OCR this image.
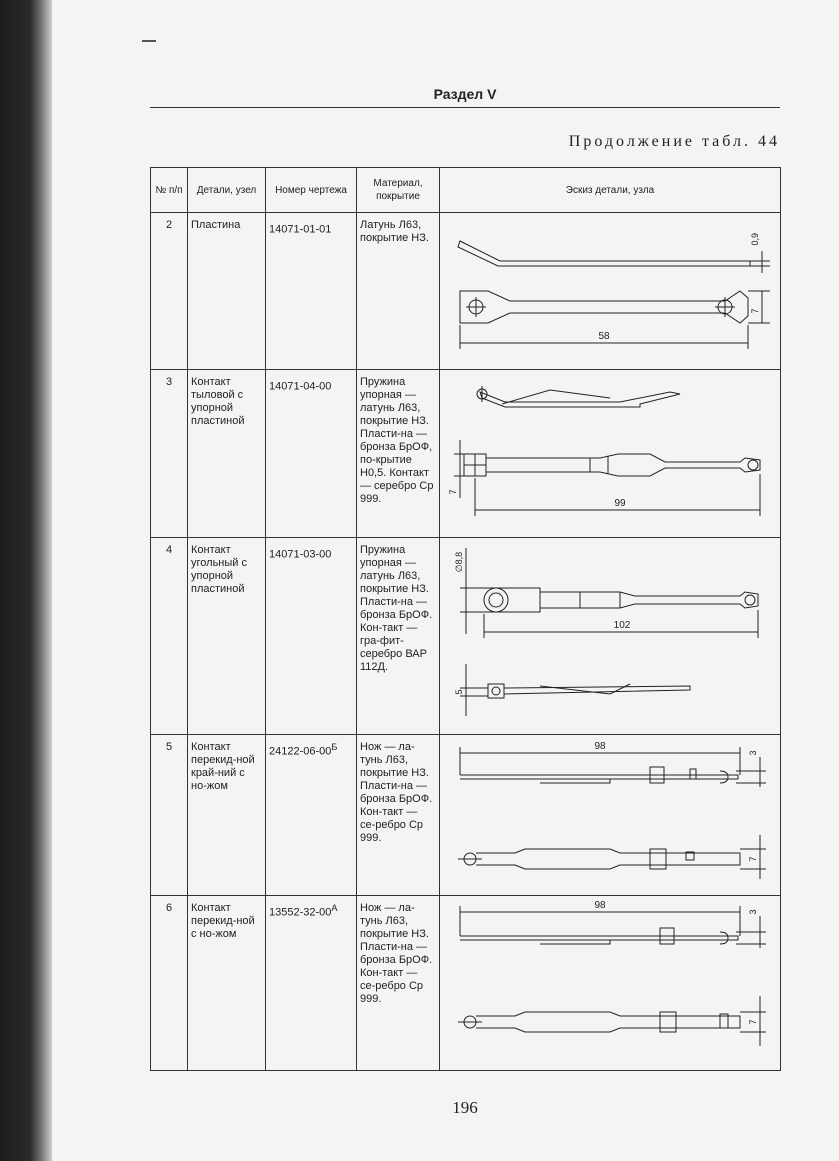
Раздел V
Продолжение табл. 44
№ п/п	Детали, узел	Номер чертежа	Материал, покрытие	Эскиз детали, узла
2	Пластина	14071-01-01	Латунь Л63, покрытие НЗ.	0,9
7
58

3	Контакт тыловой с упорной пластиной	14071-04-00	Пружина упорная — латунь Л63, покрытие НЗ. Пласти-на — бронза БрОФ, по-крытие Н0,5. Контакт — серебро Ср 999.	7
99

4	Контакт угольный с упорной пластиной	14071-03-00	Пружина упорная — латунь Л63, покрытие НЗ. Пласти-на — бронза БрОФ. Кон-такт — гра-фит-серебро ВАР 112Д.	∅8,8
102
5

5	Контакт перекид-ной край-ний с но-жом	$24122-06-00^Б$	Нож — ла-тунь Л63, покрытие НЗ. Пласти-на — бронза БрОФ. Кон-такт — се-ребро Ср 999.	98
3
7

6	Контакт перекид-ной с но-жом	$13552-32-00^А$	Нож — ла-тунь Л63, покрытие НЗ. Пласти-на — бронза БрОФ. Кон-такт — се-ребро Ср 999.	98
3
7
196
